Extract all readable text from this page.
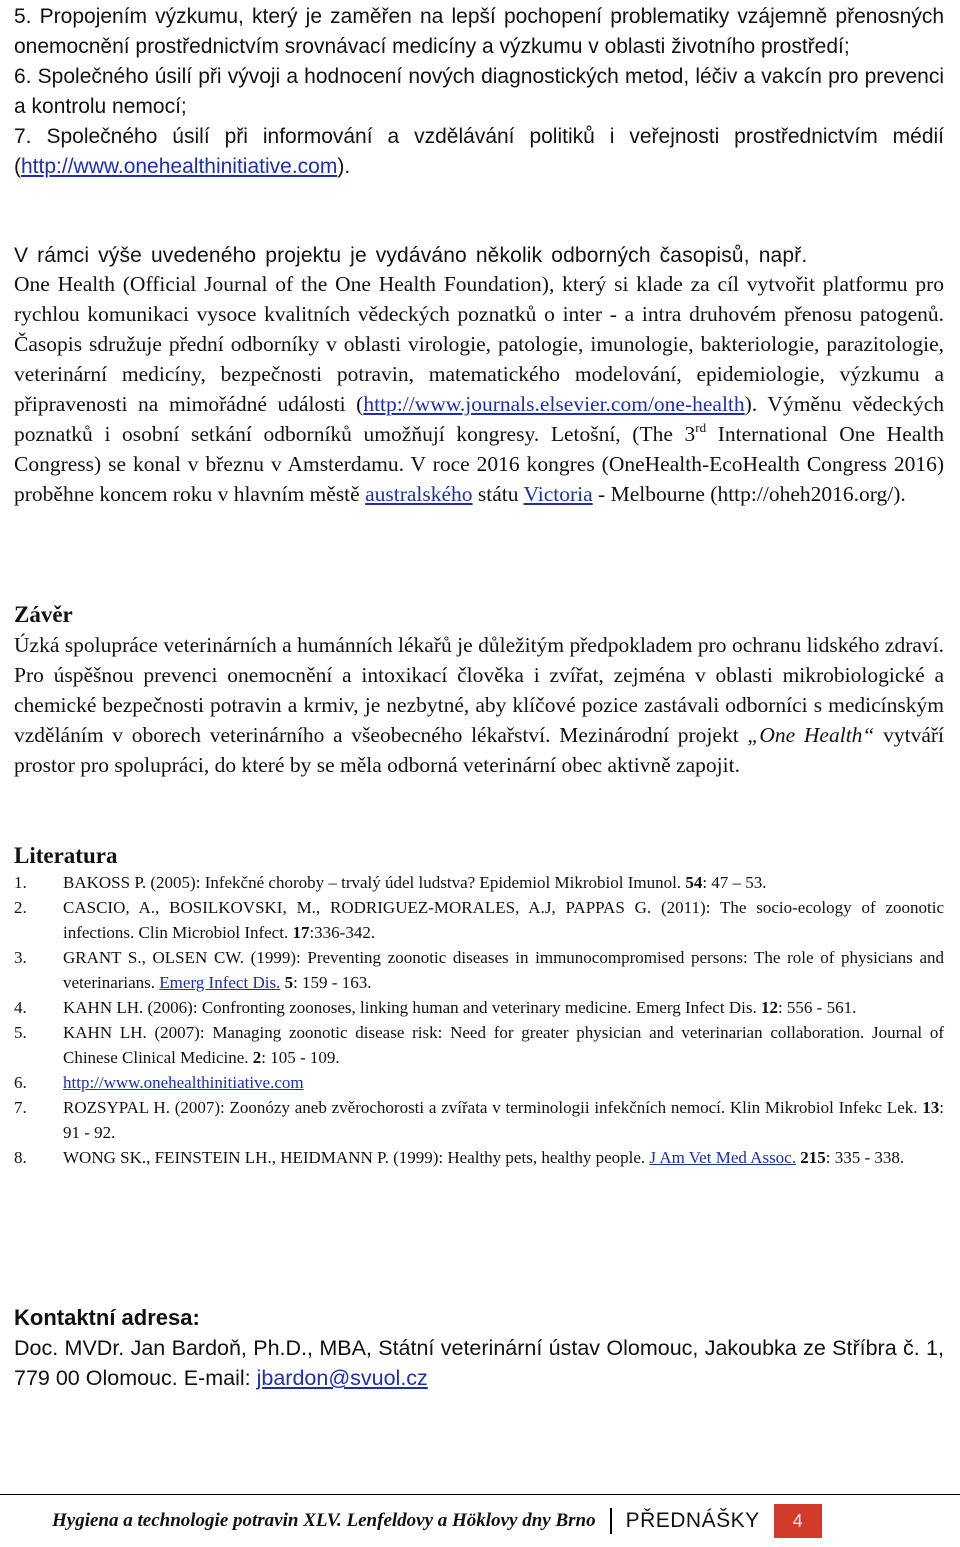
5. Propojením výzkumu, který je zaměřen na lepší pochopení problematiky vzájemně přenosných onemocnění prostřednictvím srovnávací medicíny a výzkumu v oblasti životního prostředí;

6. Společného úsilí při vývoji a hodnocení nových diagnostických metod, léčiv a vakcín pro prevenci a kontrolu nemocí;

7. Společného úsilí při informování a vzdělávání politiků i veřejnosti prostřednictvím médií (http://www.onehealthinitiative.com).

V rámci výše uvedeného projektu je vydáváno několik odborných časopisů, např.

One Health (Official Journal of the One Health Foundation), který si klade za cíl vytvořit platformu pro rychlou komunikaci vysoce kvalitních vědeckých poznatků o inter - a intra druhovém přenosu patogenů. Časopis sdružuje přední odborníky v oblasti virologie, patologie, imunologie, bakteriologie, parazitologie, veterinární medicíny, bezpečnosti potravin, matematického modelování, epidemiologie, výzkumu a připravenosti na mimořádné události (http://www.journals.elsevier.com/one-health). Výměnu vědeckých poznatků i osobní setkání odborníků umožňují kongresy. Letošní, (The 3rd International One Health Congress) se konal v březnu v Amsterdamu. V roce 2016 kongres (OneHealth-EcoHealth Congress 2016) proběhne koncem roku v hlavním městě australského státu Victoria - Melbourne (http://oheh2016.org/).

Závěr

Úzká spolupráce veterinárních a humánních lékařů je důležitým předpokladem pro ochranu lidského zdraví. Pro úspěšnou prevenci onemocnění a intoxikací člověka i zvířat, zejména v oblasti mikrobiologické a chemické bezpečnosti potravin a krmiv, je nezbytné, aby klíčové pozice zastávali odborníci s medicínským vzděláním v oborech veterinárního a všeobecného lékařství. Mezinárodní projekt „One Health“ vytváří prostor pro spolupráci, do které by se měla odborná veterinární obec aktivně zapojit.

Literatura
1.	BAKOSS P. (2005): Infekčné choroby – trvalý údel ludstva? Epidemiol Mikrobiol Imunol. 54: 47 – 53.
2.	CASCIO, A., BOSILKOVSKI, M., RODRIGUEZ-MORALES, A.J, PAPPAS G. (2011): The socio-ecology of zoonotic infections. Clin Microbiol Infect. 17:336-342.
3.	GRANT S., OLSEN CW. (1999): Preventing zoonotic diseases in immunocompromised persons: The role of physicians and veterinarians. Emerg Infect Dis. 5: 159 - 163.
4.	KAHN LH. (2006): Confronting zoonoses, linking human and veterinary medicine. Emerg Infect Dis. 12: 556 - 561.
5.	KAHN LH. (2007): Managing zoonotic disease risk: Need for greater physician and veterinarian collaboration. Journal of Chinese Clinical Medicine. 2: 105 - 109.
6.	http://www.onehealthinitiative.com
7.	ROZSYPAL H. (2007): Zoonózy aneb zvěrochorosti a zvířata v terminologii infekčních nemocí. Klin Mikrobiol Infekc Lek. 13: 91 - 92.
8.	WONG SK., FEINSTEIN LH., HEIDMANN P. (1999): Healthy pets, healthy people. J Am Vet Med Assoc. 215: 335 - 338.
Kontaktní adresa:

Doc. MVDr. Jan Bardoň, Ph.D., MBA, Státní veterinární ústav Olomouc, Jakoubka ze Stříbra č. 1, 779 00 Olomouc. E-mail: jbardon@svuol.cz

Hygiena a technologie potravin XLV. Lenfeldovy a Höklovy dny Brno PŘEDNÁŠKY	4
